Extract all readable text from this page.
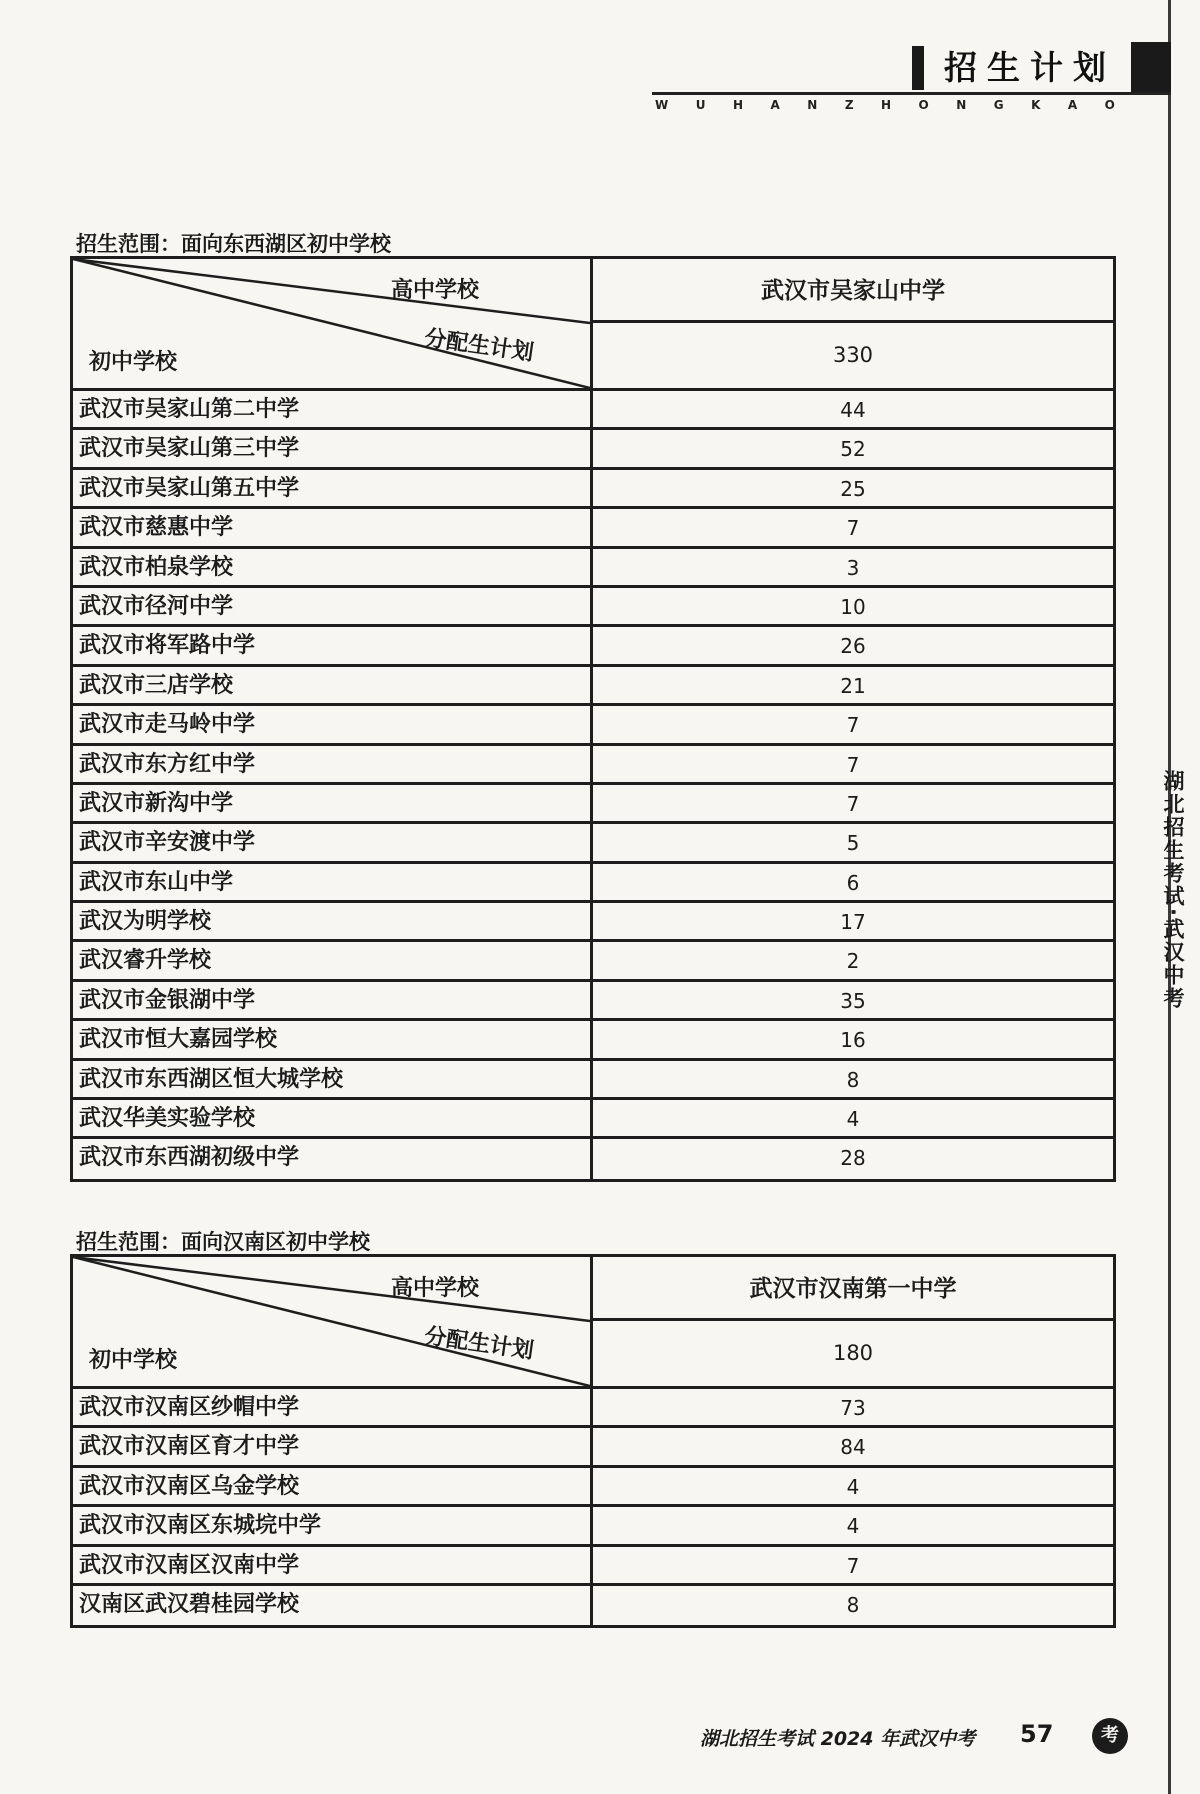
招生计划
W U H A N Z H O N G K A O
湖北招生考试·武汉中考
招生范围：面向东西湖区初中学校
高中学校
分配生计划
初中学校
武汉市吴家山中学
330
武汉市吴家山第二中学	44
武汉市吴家山第三中学	52
武汉市吴家山第五中学	25
武汉市慈惠中学	7
武汉市柏泉学校	3
武汉市径河中学	10
武汉市将军路中学	26
武汉市三店学校	21
武汉市走马岭中学	7
武汉市东方红中学	7
武汉市新沟中学	7
武汉市辛安渡中学	5
武汉市东山中学	6
武汉为明学校	17
武汉睿升学校	2
武汉市金银湖中学	35
武汉市恒大嘉园学校	16
武汉市东西湖区恒大城学校	8
武汉华美实验学校	4
武汉市东西湖初级中学	28
招生范围：面向汉南区初中学校
高中学校
分配生计划
初中学校
武汉市汉南第一中学
180
武汉市汉南区纱帽中学	73
武汉市汉南区育才中学	84
武汉市汉南区乌金学校	4
武汉市汉南区东城垸中学	4
武汉市汉南区汉南中学	7
汉南区武汉碧桂园学校	8
湖北招生考试 2024 年武汉中考 57	考
